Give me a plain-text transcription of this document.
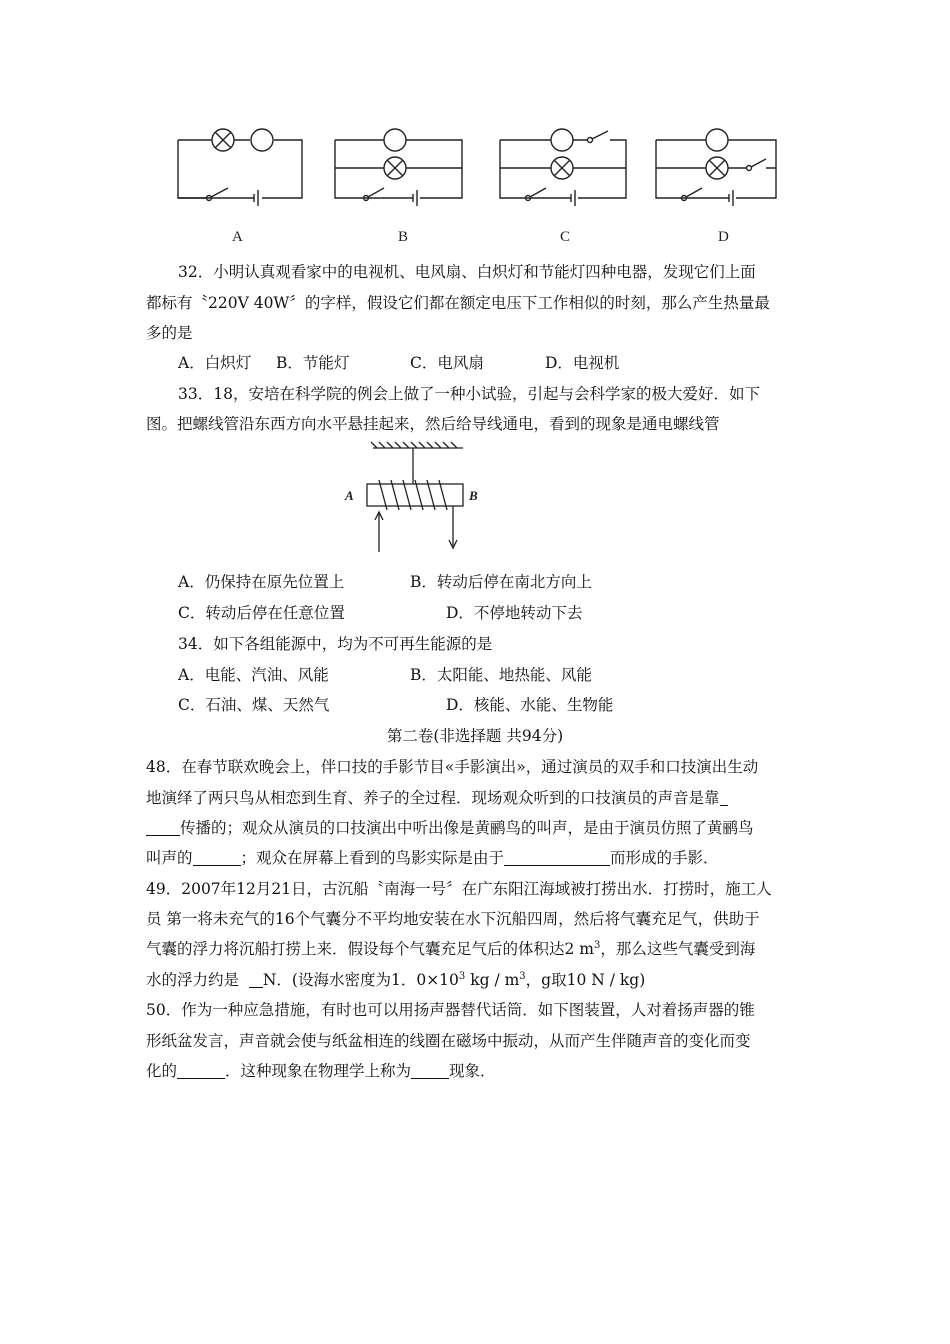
A	B	C	D
32．小明认真观看家中的电视机、电风扇、白炽灯和节能灯四种电器，发现它们上面
都标有〝220V 40W〞的字样，假设它们都在额定电压下工作相似的时刻，那么产生热量最
多的是
A．白炽灯 B．节能灯	C．电风扇	D．电视机
33．18，安培在科学院的例会上做了一种小试验，引起与会科学家的极大爱好．如下
图。把螺线管沿东西方向水平悬挂起来，然后给导线通电，看到的现象是通电螺线管
A	B
A．仍保持在原先位置上	B．转动后停在南北方向上
C．转动后停在任意位置	D．不停地转动下去
34．如下各组能源中，均为不可再生能源的是
A．电能、汽油、风能	B．太阳能、地热能、风能
C．石油、煤、天然气	D．核能、水能、生物能
第二卷(非选择题 共94分)
48．在春节联欢晚会上，伴口技的手影节目«手影演出»，通过演员的双手和口技演出生动
地演绎了两只鸟从相恋到生育、养子的全过程．现场观众听到的口技演员的声音是靠
传播的；观众从演员的口技演出中听出像是黄鹂鸟的叫声，是由于演员仿照了黄鹂鸟
叫声的	；观众在屏幕上看到的鸟影实际是由于	而形成的手影．
49．2007年12月21日，古沉船〝南海一号〞在广东阳江海域被打捞出水．打捞时，施工人
员 第一将未充气的16个气囊分不平均地安装在水下沉船四周，然后将气囊充足气，供助于
气囊的浮力将沉船打捞上来．假设每个气囊充足气后的体积达2 $m^3$，那么这些气囊受到海
水的浮力约是  N．(设海水密度为1．$0\times 10^3$ kg / $m^3$，g取10 N / kg)
50．作为一种应急措施，有时也可以用扬声器替代话筒．如下图装置，人对着扬声器的锥
形纸盆发言，声音就会使与纸盆相连的线圈在磁场中振动，从而产生伴随声音的变化而变
化的	．这种现象在物理学上称为 现象．
